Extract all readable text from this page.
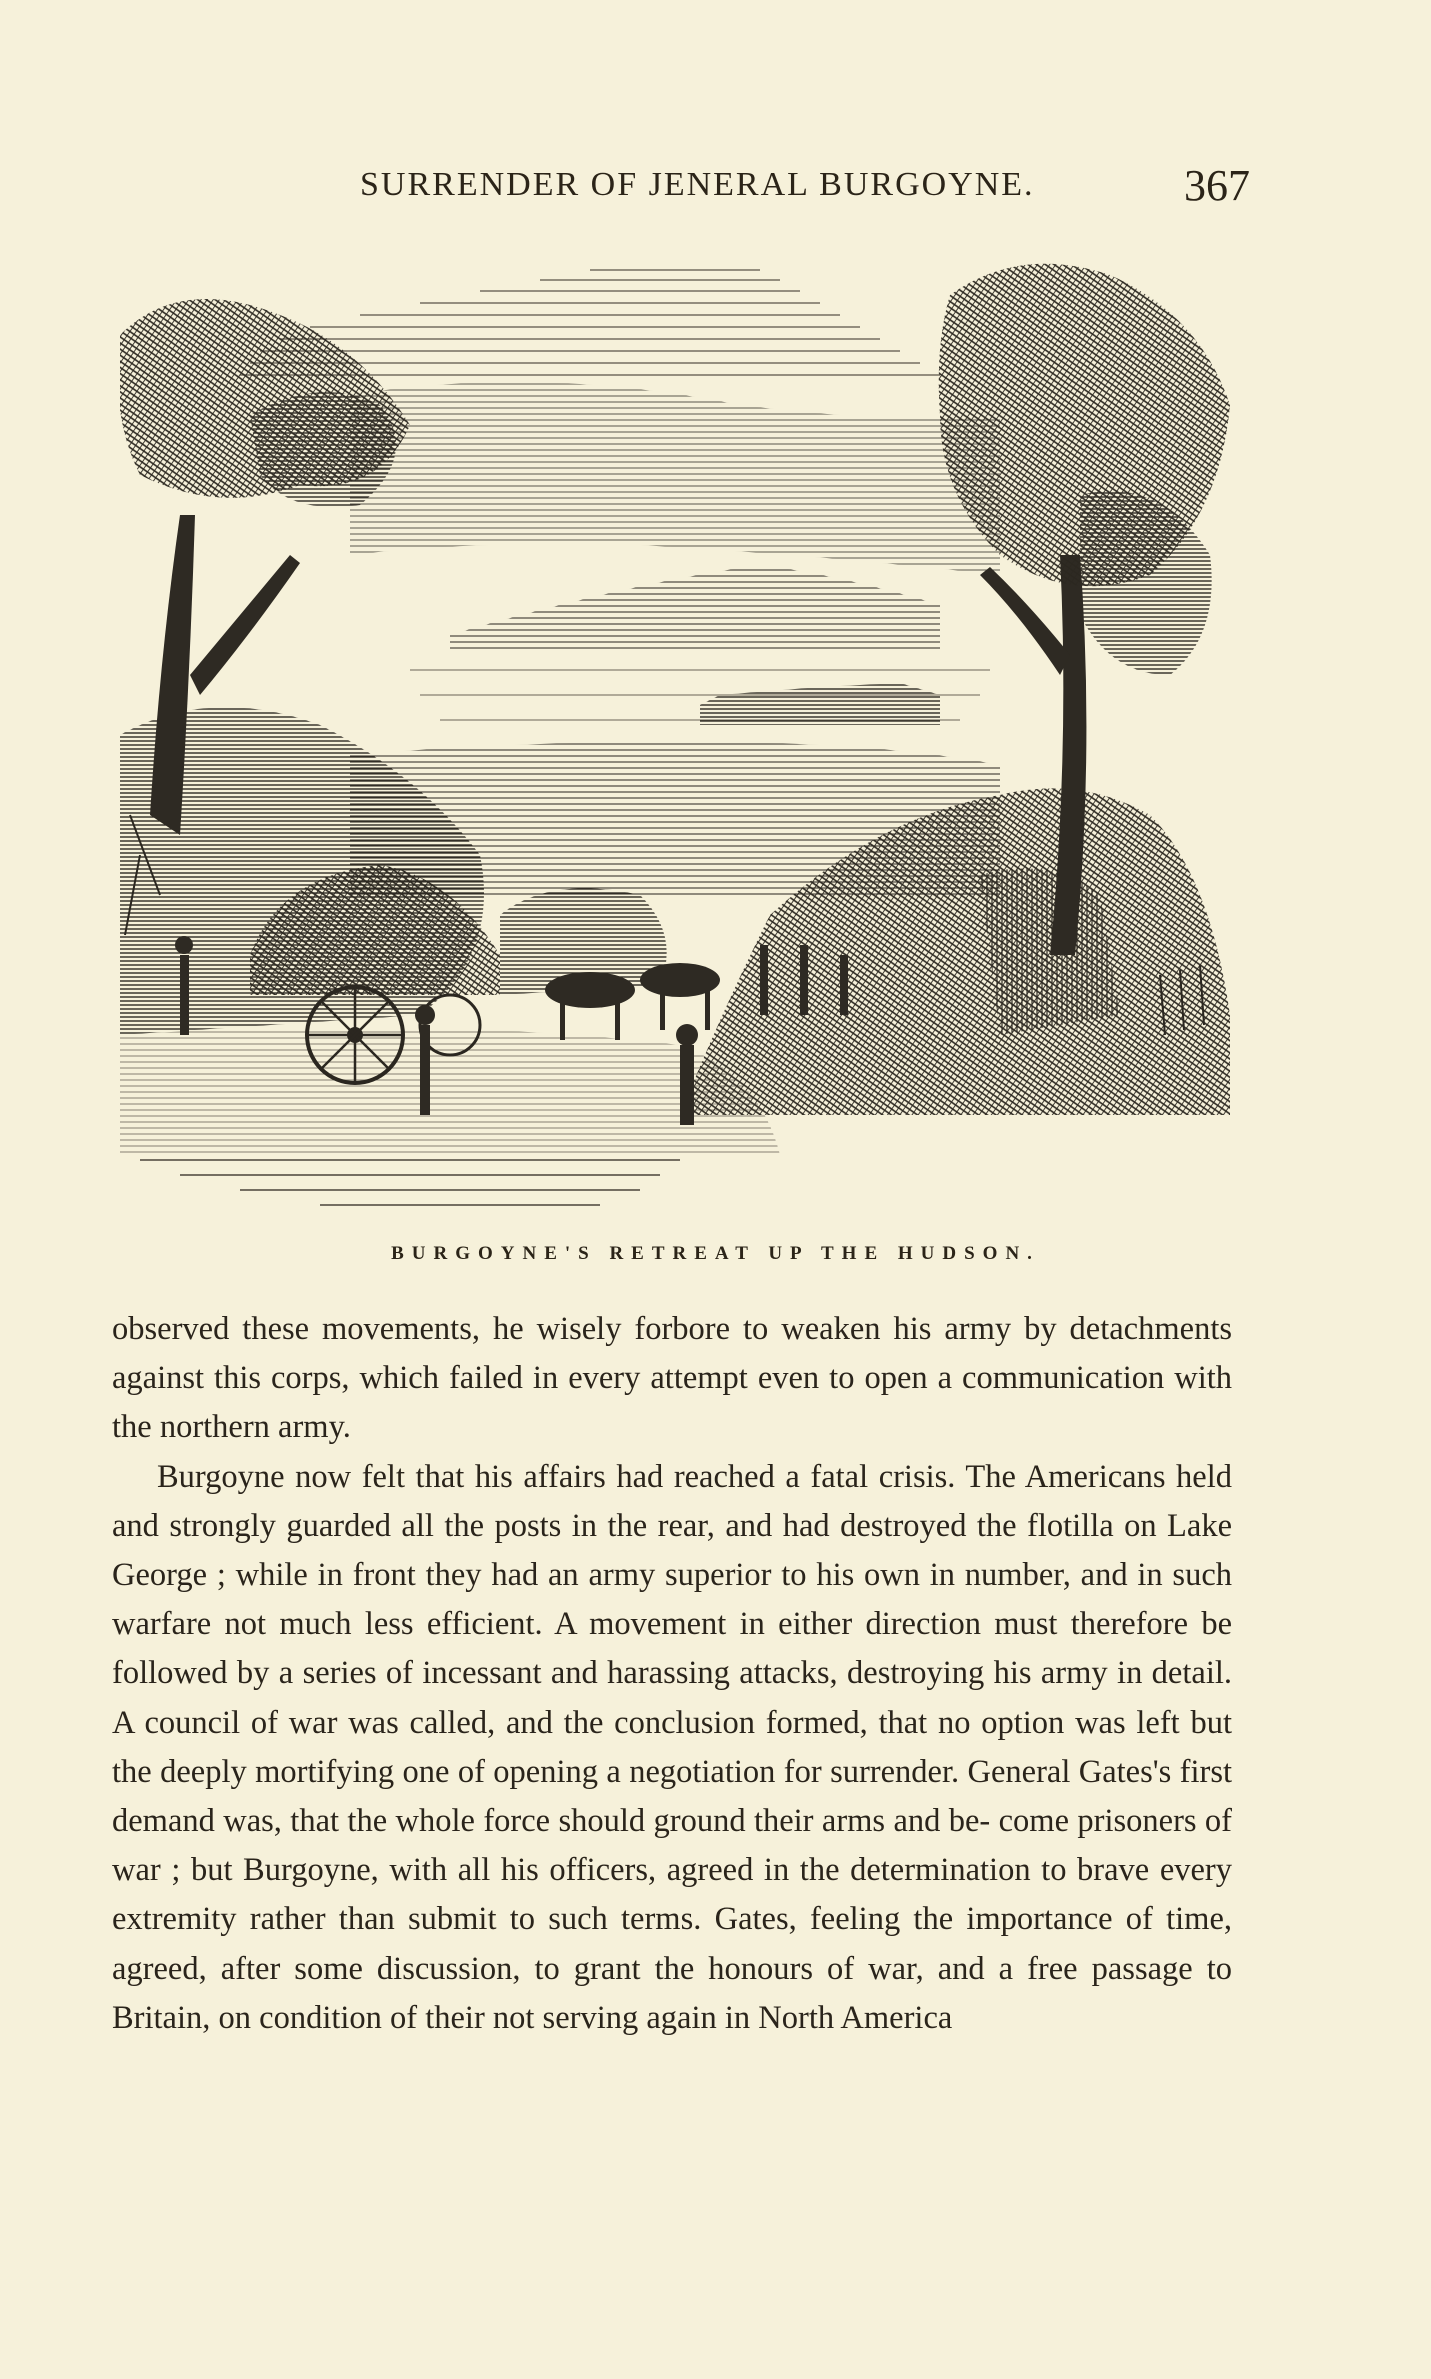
SURRENDER OF JENERAL BURGOYNE.	367
BURGOYNE'S RETREAT UP THE HUDSON.

observed these movements, he wisely forbore to weaken his army by detachments against this corps, which failed in every attempt even to open a communication with the northern army.

Burgoyne now felt that his affairs had reached a fatal crisis. The Americans held and strongly guarded all the posts in the rear, and had destroyed the flotilla on Lake George ; while in front they had an army superior to his own in number, and in such warfare not much less efficient. A movement in either direction must therefore be followed by a series of incessant and harassing attacks, destroying his army in detail. A council of war was called, and the conclusion formed, that no option was left but the deeply mortifying one of opening a negotiation for surrender. General Gates's first demand was, that the whole force should ground their arms and be- come prisoners of war ; but Burgoyne, with all his officers, agreed in the determination to brave every extremity rather than submit to such terms. Gates, feeling the importance of time, agreed, after some discussion, to grant the honours of war, and a free passage to Britain, on condition of their not serving again in North America
